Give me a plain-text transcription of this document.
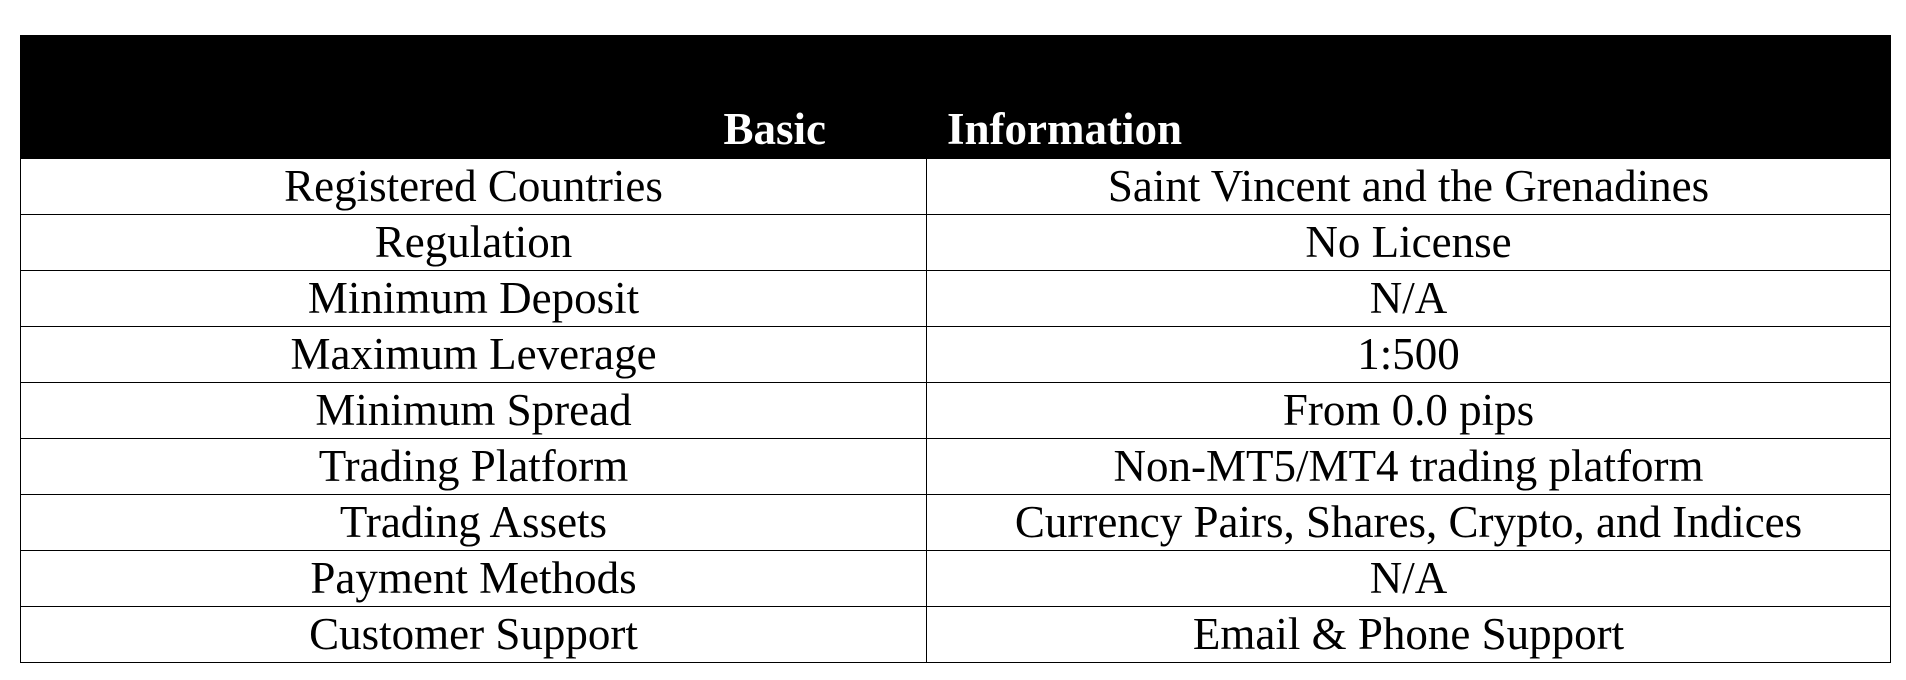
Basic	Information
Registered Countries	Saint Vincent and the Grenadines
Regulation	No License
Minimum Deposit	N/A
Maximum Leverage	1:500
Minimum Spread	From 0.0 pips
Trading Platform	Non-MT5/MT4 trading platform
Trading Assets	Currency Pairs, Shares, Crypto, and Indices
Payment Methods	N/A
Customer Support	Email & Phone Support
